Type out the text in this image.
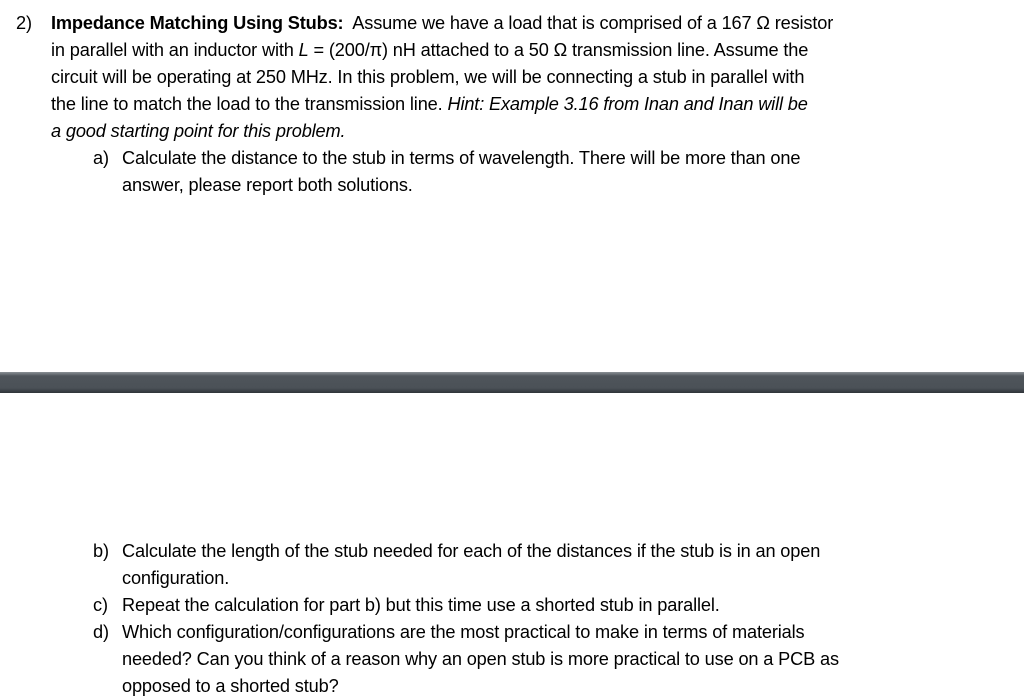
2) Impedance Matching Using Stubs: Assume we have a load that is comprised of a 167 Ω resistor
in parallel with an inductor with L = (200/π) nH attached to a 50 Ω transmission line. Assume the
circuit will be operating at 250 MHz. In this problem, we will be connecting a stub in parallel with
the line to match the load to the transmission line. Hint: Example 3.16 from Inan and Inan will be
a good starting point for this problem.
a) Calculate the distance to the stub in terms of wavelength. There will be more than one
answer, please report both solutions.
b) Calculate the length of the stub needed for each of the distances if the stub is in an open
configuration.
c) Repeat the calculation for part b) but this time use a shorted stub in parallel.
d) Which configuration/configurations are the most practical to make in terms of materials
needed? Can you think of a reason why an open stub is more practical to use on a PCB as
opposed to a shorted stub?
